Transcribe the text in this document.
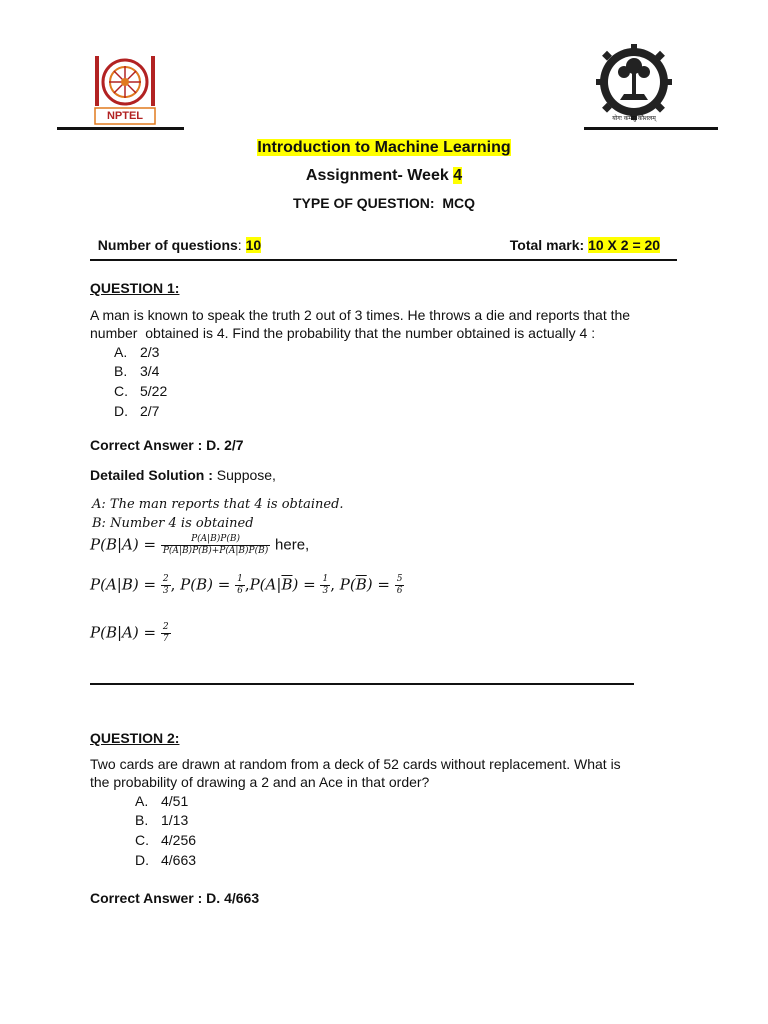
NPTEL	योगः कर्मसु कौशलम्
Introduction to Machine Learning
Assignment- Week 4
TYPE OF QUESTION:  MCQ

Number of questions: 10	Total mark: 10 X 2 = 20

QUESTION 1:
A man is known to speak the truth 2 out of 3 times. He throws a die and reports that the
number  obtained is 4. Find the probability that the number obtained is actually 4 :
A. 2/3
B. 3/4
C. 5/22
D. 2/7
Correct Answer : D. 2/7
Detailed Solution : Suppose,
A: The man reports that 4 is obtained.
B: Number 4 is obtained
$P(B|A) = \frac{P(A|B)P(B)}{P(A|B)P(B)+P(A|\overline{B})P(\overline{B})}$ here,
$P(A|B) = \frac{2}{3}$ , $P(B) = \frac{1}{6} ,P(A|\overline{B}) = \frac{1}{3}$ , $P(\overline{B}) = \frac{5}{6}$
$P(B|A) = \frac{2}{7}$
QUESTION 2:
Two cards are drawn at random from a deck of 52 cards without replacement. What is
the probability of drawing a 2 and an Ace in that order?
A. 4/51
B. 1/13
C. 4/256
D. 4/663
Correct Answer : D. 4/663
